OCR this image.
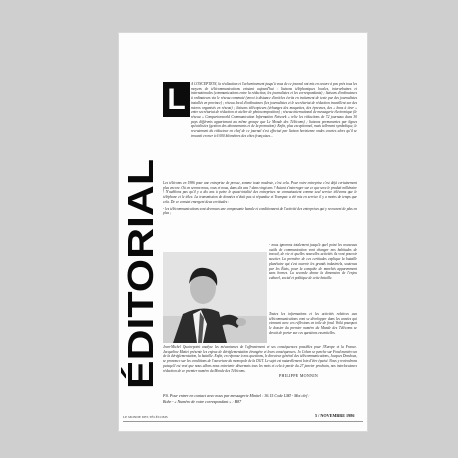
ÉDITORIAL
L	A CONCEPTION, la réalisation et l'acheminement jusqu'à vous de ce journal ont mis en oeuvre à peu près tous les moyens de télécommunications existant aujourd'hui : liaisons téléphoniques locales, interurbaines et internationales (communications entre la rédaction, les journalistes et les correspondants) ; liaisons d'ordinateurs à ordinateurs via le réseau commuté (envoi à distance d'articles écrits en traitement de texte par des journalistes installés en province) ; réseau local d'ordinateurs (les journalistes et le secrétariat de rédaction travaillent sur des micros organisés en réseau) ; liaisons télécopieurs (échanges des maquettes, des épreuves, des « bons à tirer » entre secrétariat de rédaction et atelier de photocomposition) ; réseau international de messagerie électronique (le réseau « Comparionworld Communication Information Network » relie les rédactions de 72 journaux dans 30 pays différents appartenant au même groupe que Le Monde des Télécoms) ; liaisons permanentes par lignes spécialisées (gestion des abonnements et de la promotion). Enfin, plus exceptionnel, mais tellement symbolique, le recrutement du rédacteur en chef de ce journal s'est effectué par liaison hertzienne ondes courtes alors qu'il se trouvait en mer à 6 000 kilomètres des côtes françaises...

Les télécoms en 1986 pour une entreprise de presse, somme toute modeste, c'est cela. Pour votre entreprise c'est déjà certainement plus encore. Où en serons-nous, vous et nous, dans dix ans ? dans vingt ans ? Autant s'interroger sur ce que sera le produit millénaire ! N'oublions pas qu'il y a dix ans à peine le quasi-totalité des entreprises ne connaissaient comme seul service télécoms que le téléphone et le télex. La transmission de données n'était pas si répandue et Transpac a été mis en service il y a moins de temps que cela. De ce constat emergent deux certitudes :

- les télécommunications sont devenues une composante banale et conditionnent de l'activité des entreprises qui y recourent de plus en plus ;

- nous ignorons totalement jusqu'à quel point les nouveaux outils de communication vont changer nos habitudes de travail, de vie et quelles nouvelles activités ils vont pouvoir susciter. La première de ces certitudes explique la bataille planétaire qui s'est ouverte les grands industriels, soutenus par les États, pour la conquête de marchés apparemment sans bornes. La seconde donne la dimension de l'enjeu culturel, social et politique de cette bataille.

Toutes les informations et les activités relatives aux télécommunications vont se développer dans les années qui viennent avec ces réflexions en toile de fond. Voilà pourquoi le dossier du premier numéro du Monde des Télécoms se devait de porter sur ces questions essentielles.

Jean-Michel Quatrepoint analyse les mécanismes de l'affrontement et ses conséquences possibles pour l'Europe et la France. Jacqueline Mattei présente les enjeux de déréglementation étrangère et leurs conséquences. Jo Cohen se penche sur Fond numéro un de la déréglementation, la bataille. Enfin, en réponse à nos questions, le directeur général des télécommunications, Jacques Dondoux, se prononce sur les conditions de l'ouverture du monopole de la DGT. Le sujet est naturellement loin d'être épuisé. Nous y reviendrons puisqu'il est vrai que nous allons nous entretenir désormais tous les mois et cela à partir du 27 janvier prochain, nos interlocuteurs rédaction de ce premier numéro du Monde des Télécoms.

PHILIPPE MONNIN

P.S. Pour entrer en contact avec nous par messagerie Minitel : 36.15 Code LMI - Mot clef : Bohe - « Numéro de votre correspondant » : B87

LE MONDE DES TÉLÉCOMS	5 / NOVEMBRE 1986
